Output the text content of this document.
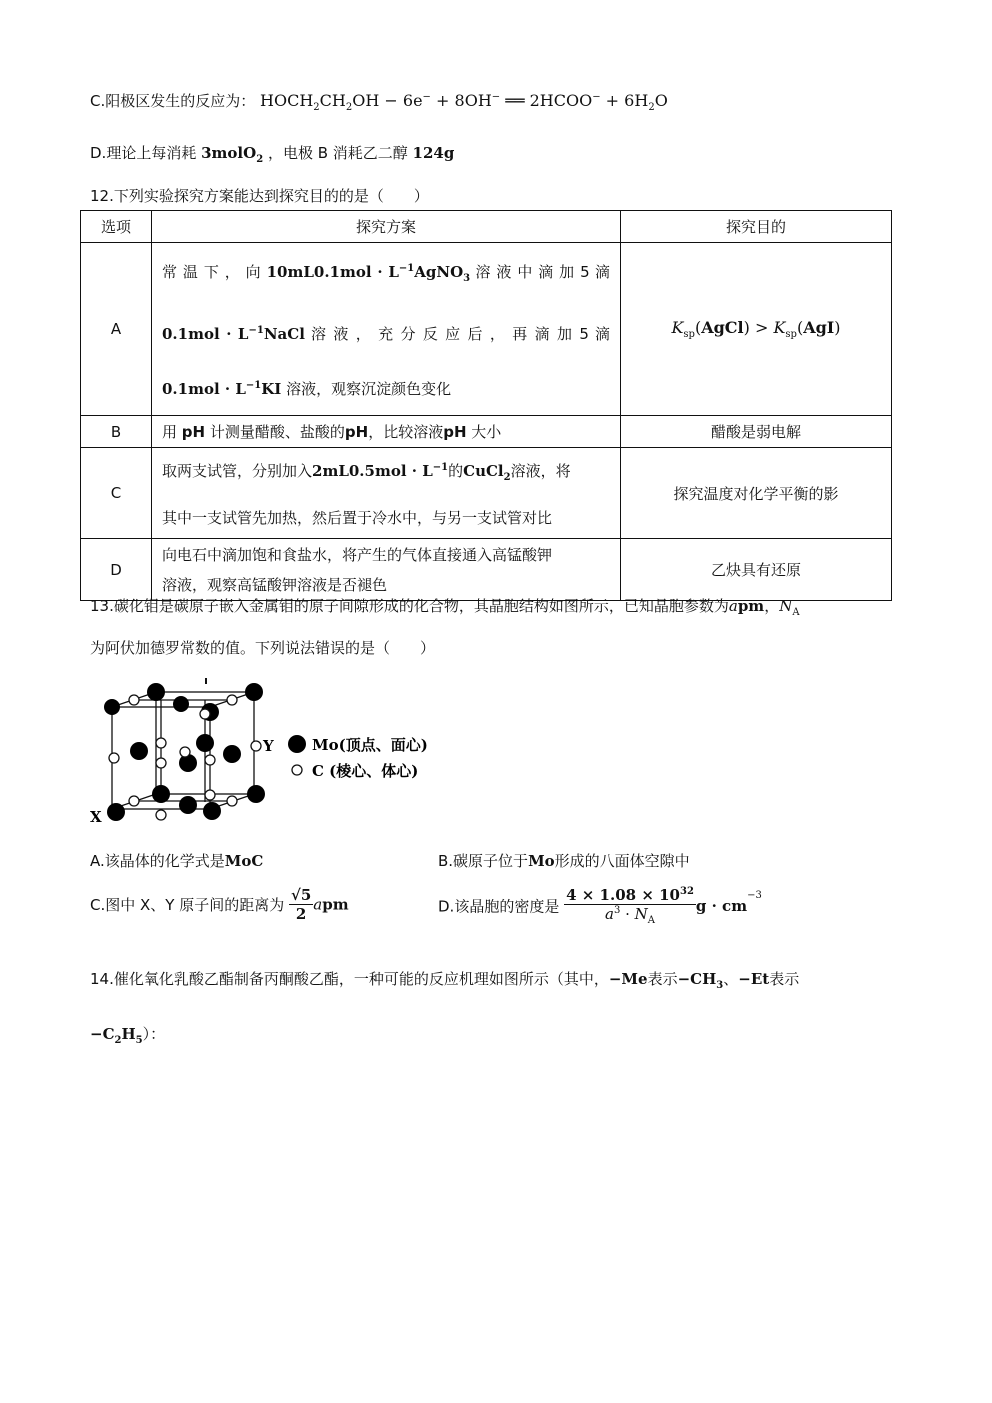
C.阳极区发生的反应为： $HOCH_2CH_2OH - 6e^- + 8OH^-$ ══ 2HCOO− + $6H_2O$
D.理论上每消耗 3molO$_2$ ，电极 B 消耗乙二醇 124g
12.下列实验探究方案能达到探究目的的是（　　）
选项	探究方案	探究目的
A	常 温 下 ， 向 $10mL0.1mol \cdot L^{-1}AgNO_3$ 溶 液 中 滴 加 5 滴
$0.1mol \cdot L^{-1}NaCl$ 溶 液 ， 充 分 反 应 后 ， 再 滴 加 5 滴
$0.1mol \cdot L^{-1}KI$ 溶液，观察沉淀颜色变化	$K_{sp}(AgCl) > K_{sp}(AgI)$
B	用 pH 计测量醋酸、盐酸的pH，比较溶液pH 大小	醋酸是弱电解
C	取两支试管，分别加入$2mL0.5mol \cdot L^{-1}$的CuCl$_2$溶液，将
其中一支试管先加热，然后置于冷水中，与另一支试管对比	探究温度对化学平衡的影
D	向电石中滴加饱和食盐水，将产生的气体直接通入高锰酸钾
溶液，观察高锰酸钾溶液是否褪色	乙炔具有还原
13.碳化钼是碳原子嵌入金属钼的原子间隙形成的化合物，其晶胞结构如图所示，已知晶胞参数为apm，$N_A$
为阿伏加德罗常数的值。下列说法错误的是（　　）
X
Y	Mo(顶点、面心)
C (棱心、体心)
A.该晶体的化学式是MoC	B.碳原子位于Mo形成的八面体空隙中
C.图中 X、Y 原子间的距离为 $\frac{√5}{2}$ apm	D.该晶胞的密度是 $\frac{4 \times 1.08 \times 10^{32}}{a^3 \cdot N_A}$ $g \cdot cm^{-3}$
14.催化氧化乳酸乙酯制备丙酮酸乙酯，一种可能的反应机理如图所示（其中，−Me表示$-CH_3$、−Et表示
$-C_2H_5$）：
